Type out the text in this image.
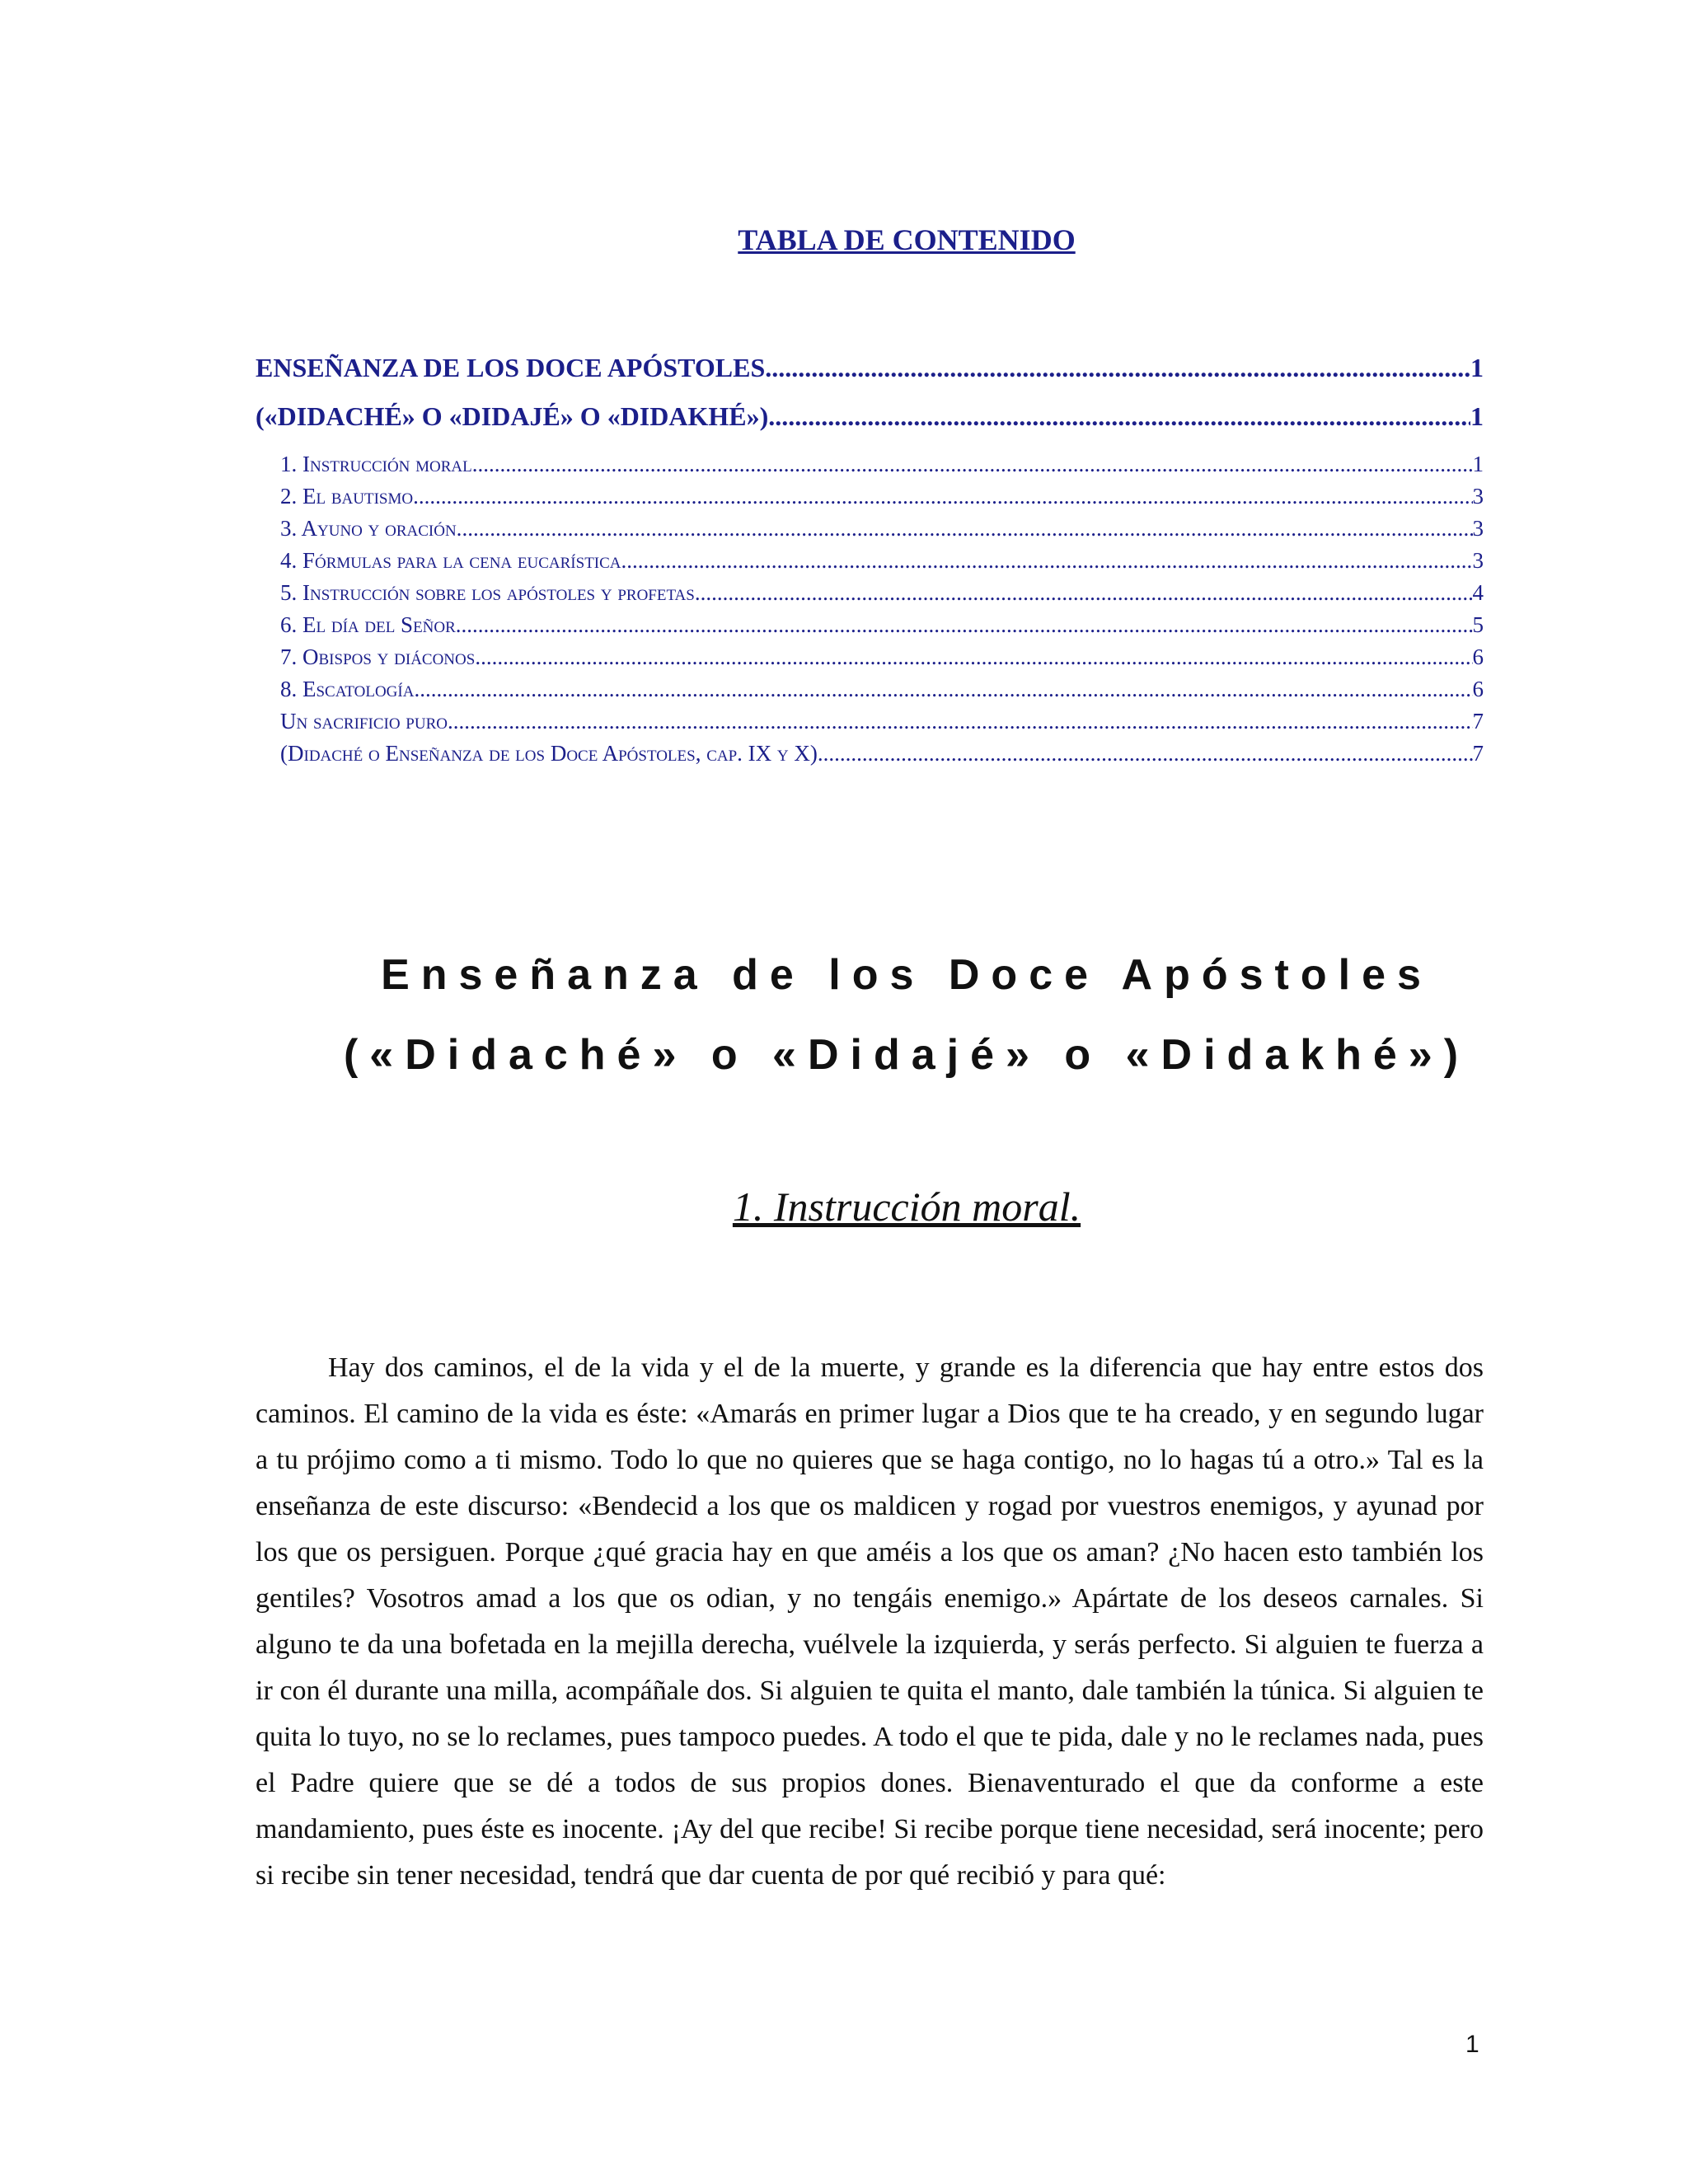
TABLA DE CONTENIDO
ENSEÑANZA DE LOS DOCE APÓSTOLES .....	1
(«DIDACHÉ» O «DIDAJÉ» O «DIDAKHÉ») .....	1
1. Instrucción moral .....	1
2. El bautismo .....	3
3. Ayuno y oración. .....	3
4. Fórmulas para la cena eucarística .....	3
5. Instrucción sobre los apóstoles y profetas. .....	4
6. El día del Señor. .....	5
7. Obispos y diáconos .....	6
8. Escatología .....	6
Un sacrificio puro .....	7
(Didaché o Enseñanza de los Doce Apóstoles, cap. IX y X) .....	7
Enseñanza de los Doce Apóstoles
(«Didaché» o «Didajé» o «Didakhé»)
1. Instrucción moral.

Hay dos caminos, el de la vida y el de la muerte, y grande es la diferencia que hay entre estos dos caminos. El camino de la vida es éste: «Amarás en primer lugar a Dios que te ha creado, y en segundo lugar a tu prójimo como a ti mismo. Todo lo que no quieres que se haga contigo, no lo hagas tú a otro.» Tal es la enseñanza de este discurso: «Bendecid a los que os maldicen y rogad por vuestros enemigos, y ayunad por los que os persiguen. Porque ¿qué gracia hay en que améis a los que os aman? ¿No hacen esto también los gentiles? Vosotros amad a los que os odian, y no tengáis enemigo.» Apártate de los deseos carnales. Si alguno te da una bofetada en la mejilla derecha, vuélvele la izquierda, y serás perfecto. Si alguien te fuerza a ir con él durante una milla, acompáñale dos. Si alguien te quita el manto, dale también la túnica. Si alguien te quita lo tuyo, no se lo reclames, pues tampoco puedes. A todo el que te pida, dale y no le reclames nada, pues el Padre quiere que se dé a todos de sus propios dones. Bienaventurado el que da conforme a este mandamiento, pues éste es inocente. ¡Ay del que recibe! Si recibe porque tiene necesidad, será inocente; pero si recibe sin tener necesidad, tendrá que dar cuenta de por qué recibió y para qué:

1
